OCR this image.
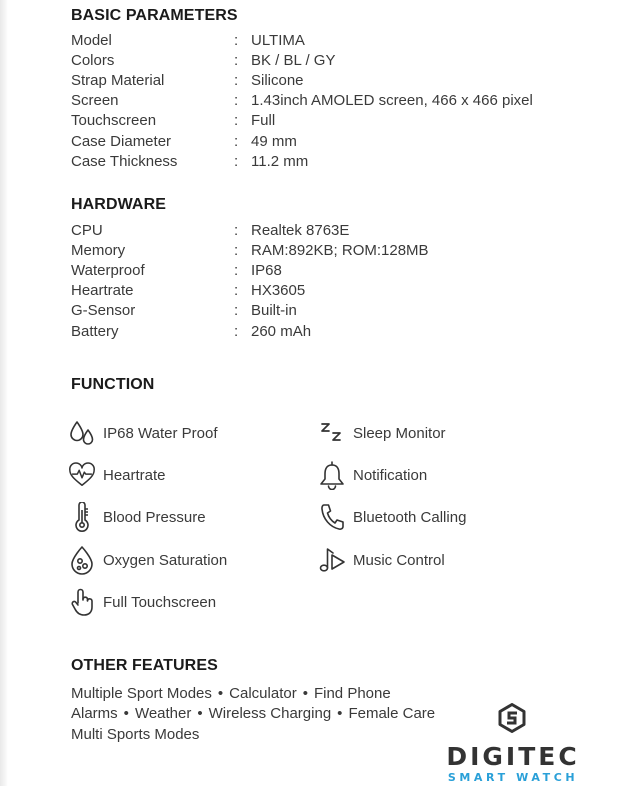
BASIC PARAMETERS
Model	: ULTIMA
Colors	: BK / BL / GY
Strap Material	: Silicone
Screen	: 1.43inch AMOLED screen, 466 x 466 pixel
Touchscreen	: Full
Case Diameter	: 49 mm
Case Thickness	: 11.2 mm
HARDWARE
CPU	: Realtek 8763E
Memory	: RAM:892KB; ROM:128MB
Waterproof	: IP68
Heartrate	: HX3605
G-Sensor	: Built-in
Battery	: 260 mAh
FUNCTION
IP68 Water Proof
Heartrate
Blood Pressure
Oxygen Saturation
Full Touchscreen
Sleep Monitor
Notification
Bluetooth Calling
Music Control
OTHER FEATURES
Multiple Sport Modes • Calculator • Find Phone
Alarms • Weather • Wireless Charging • Female Care
Multi Sports Modes
DIGITEC
SMART WATCH
